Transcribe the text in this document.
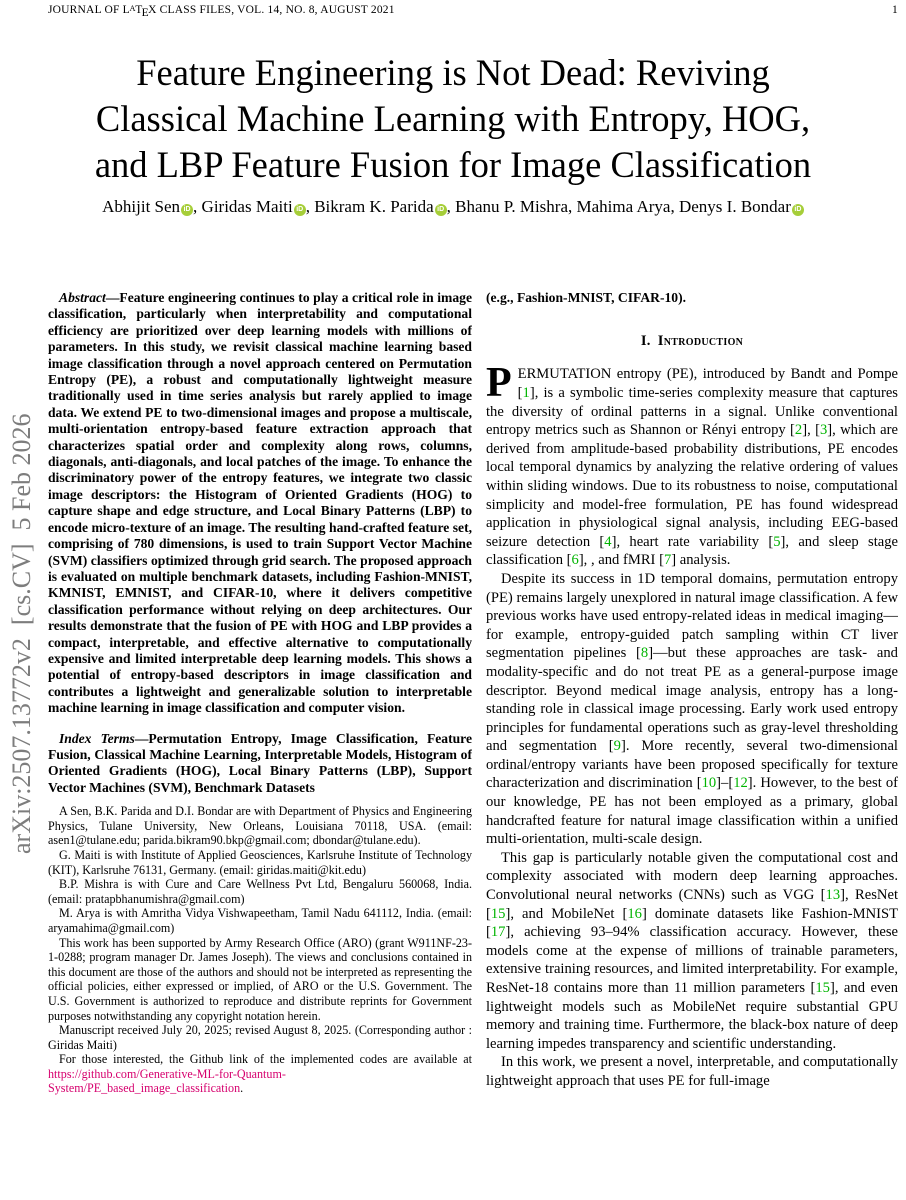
JOURNAL OF LATEX CLASS FILES, VOL. 14, NO. 8, AUGUST 2021	1
arXiv:2507.13772v2  [cs.CV]  5 Feb 2026
Feature Engineering is Not Dead: Reviving
Classical Machine Learning with Entropy, HOG,
and LBP Feature Fusion for Image Classification
Abhijit Sen iD , Giridas Maiti iD , Bikram K. Parida iD , Bhanu P. Mishra, Mahima Arya, Denys I. Bondar iD

Abstract—Feature engineering continues to play a critical role in image classification, particularly when interpretability and computational efficiency are prioritized over deep learning models with millions of parameters. In this study, we revisit classical machine learning based image classification through a novel approach centered on Permutation Entropy (PE), a robust and computationally lightweight measure traditionally used in time series analysis but rarely applied to image data. We extend PE to two-dimensional images and propose a multiscale, multi-orientation entropy-based feature extraction approach that characterizes spatial order and complexity along rows, columns, diagonals, anti-diagonals, and local patches of the image. To enhance the discriminatory power of the entropy features, we integrate two classic image descriptors: the Histogram of Oriented Gradients (HOG) to capture shape and edge structure, and Local Binary Patterns (LBP) to encode micro-texture of an image. The resulting hand-crafted feature set, comprising of 780 dimensions, is used to train Support Vector Machine (SVM) classifiers optimized through grid search. The proposed approach is evaluated on multiple benchmark datasets, including Fashion-MNIST, KMNIST, EMNIST, and CIFAR-10, where it delivers competitive classification performance without relying on deep architectures. Our results demonstrate that the fusion of PE with HOG and LBP provides a compact, interpretable, and effective alternative to computationally expensive and limited interpretable deep learning models. This shows a potential of entropy-based descriptors in image classification and contributes a lightweight and generalizable solution to interpretable machine learning in image classification and computer vision.

Index Terms—Permutation Entropy, Image Classification, Feature Fusion, Classical Machine Learning, Interpretable Models, Histogram of Oriented Gradients (HOG), Local Binary Patterns (LBP), Support Vector Machines (SVM), Benchmark Datasets

A Sen, B.K. Parida and D.I. Bondar are with Department of Physics and Engineering Physics, Tulane University, New Orleans, Louisiana 70118, USA. (email: asen1@tulane.edu; parida.bikram90.bkp@gmail.com; dbondar@tulane.edu).

G. Maiti is with Institute of Applied Geosciences, Karlsruhe Institute of Technology (KIT), Karlsruhe 76131, Germany. (email: giridas.maiti@kit.edu)

B.P. Mishra is with Cure and Care Wellness Pvt Ltd, Bengaluru 560068, India.(email: pratapbhanumishra@gmail.com)

M. Arya is with Amritha Vidya Vishwapeetham, Tamil Nadu 641112, India. (email: aryamahima@gmail.com)

This work has been supported by Army Research Office (ARO) (grant W911NF-23-1-0288; program manager Dr. James Joseph). The views and conclusions contained in this document are those of the authors and should not be interpreted as representing the official policies, either expressed or implied, of ARO or the U.S. Government. The U.S. Government is authorized to reproduce and distribute reprints for Government purposes notwithstanding any copyright notation herein.

Manuscript received July 20, 2025; revised August 8, 2025. (Corresponding author : Giridas Maiti)

For those interested, the Github link of the implemented codes are available at https://github.com/Generative-ML-for-Quantum-System/PE_based_image_classification.

(e.g., Fashion-MNIST, CIFAR-10).

I. Introduction

PERMUTATION entropy (PE), introduced by Bandt and Pompe [1], is a symbolic time-series complexity measure that captures the diversity of ordinal patterns in a signal. Unlike conventional entropy metrics such as Shannon or Rényi entropy [2], [3], which are derived from amplitude-based probability distributions, PE encodes local temporal dynamics by analyzing the relative ordering of values within sliding windows. Due to its robustness to noise, computational simplicity and model-free formulation, PE has found widespread application in physiological signal analysis, including EEG-based seizure detection [4], heart rate variability [5], and sleep stage classification [6], , and fMRI [7] analysis.

Despite its success in 1D temporal domains, permutation entropy (PE) remains largely unexplored in natural image classification. A few previous works have used entropy-related ideas in medical imaging—for example, entropy-guided patch sampling within CT liver segmentation pipelines [8]—but these approaches are task- and modality-specific and do not treat PE as a general-purpose image descriptor. Beyond medical image analysis, entropy has a long-standing role in classical image processing. Early work used entropy principles for fundamental operations such as gray-level thresholding and segmentation [9]. More recently, several two-dimensional ordinal/entropy variants have been proposed specifically for texture characterization and discrimination [10]–[12]. However, to the best of our knowledge, PE has not been employed as a primary, global handcrafted feature for natural image classification within a unified multi-orientation, multi-scale design.

This gap is particularly notable given the computational cost and complexity associated with modern deep learning approaches. Convolutional neural networks (CNNs) such as VGG [13], ResNet [15], and MobileNet [16] dominate datasets like Fashion-MNIST [17], achieving 93–94% classification accuracy. However, these models come at the expense of millions of trainable parameters, extensive training resources, and limited interpretability. For example, ResNet-18 contains more than 11 million parameters [15], and even lightweight models such as MobileNet require substantial GPU memory and training time. Furthermore, the black-box nature of deep learning impedes transparency and scientific understanding.

In this work, we present a novel, interpretable, and computationally lightweight approach that uses PE for full-image
